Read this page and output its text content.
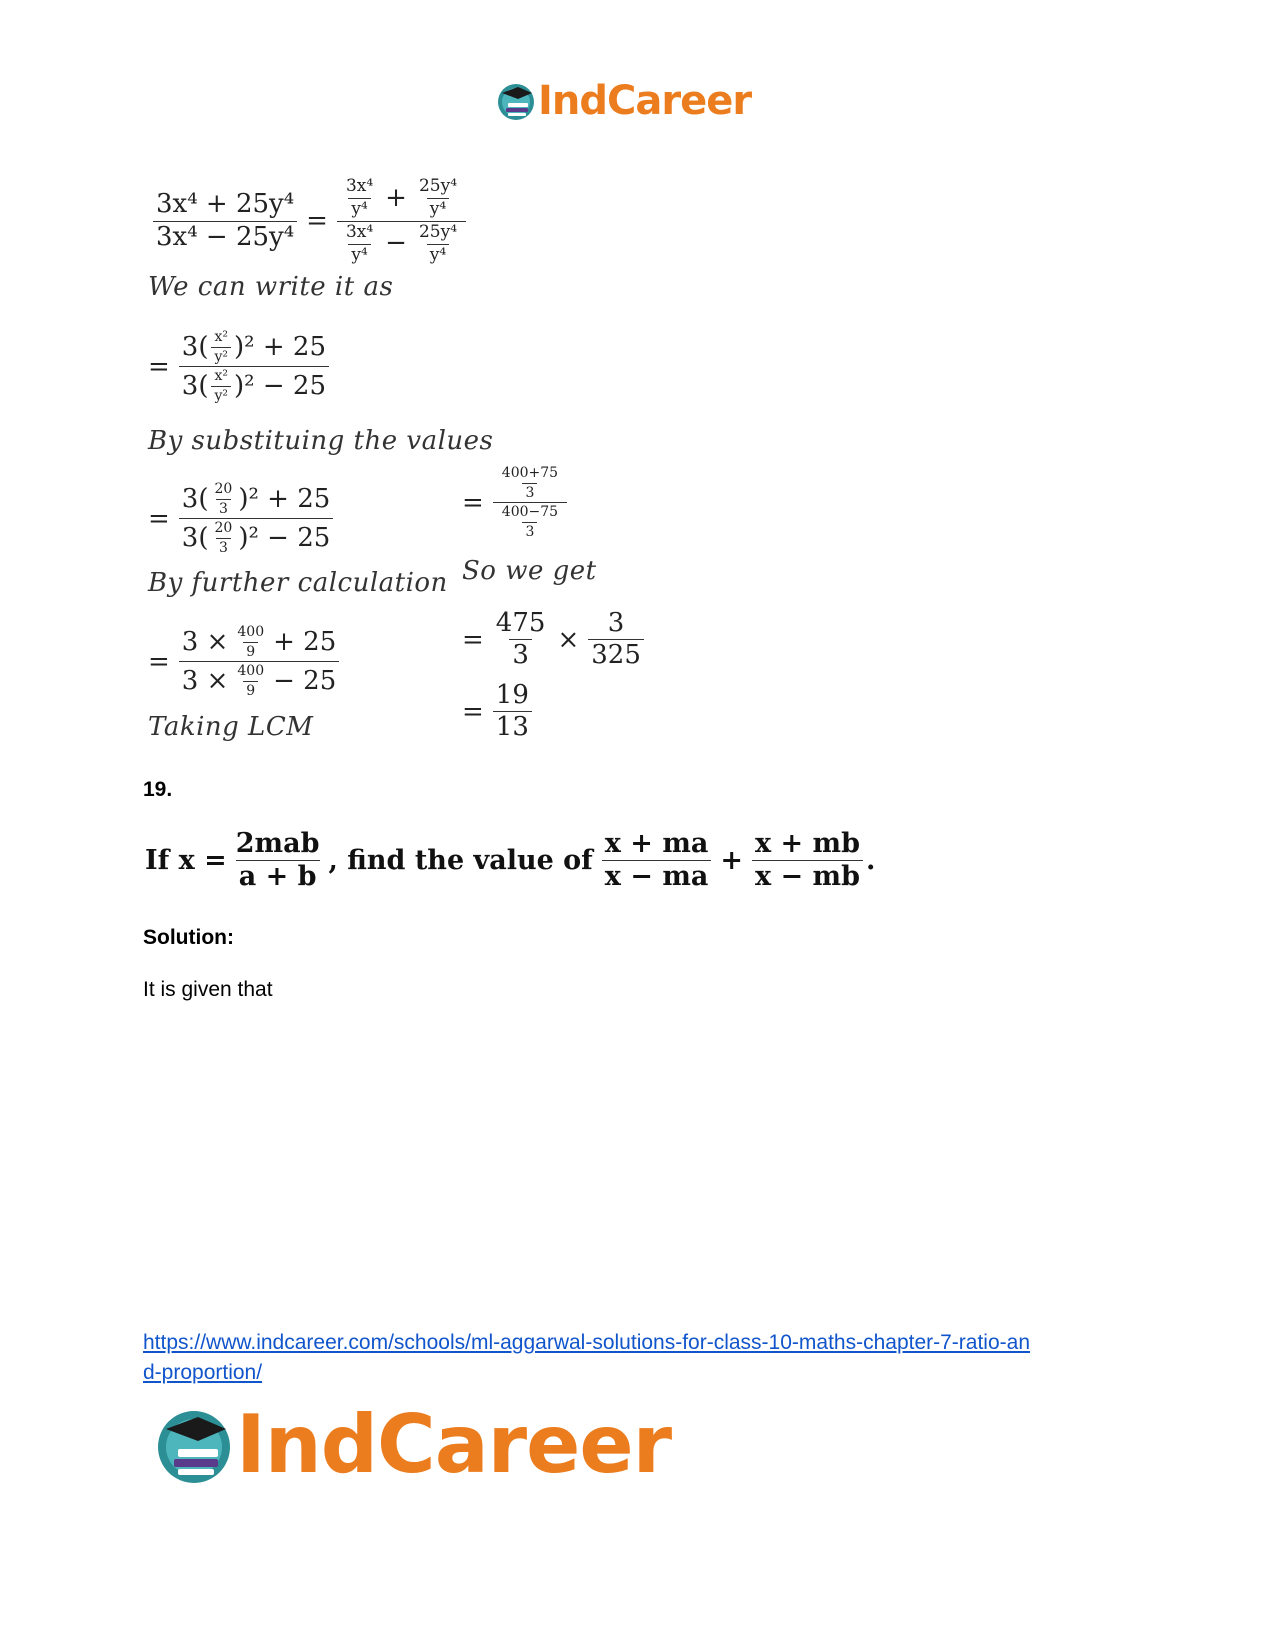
IndCareer
$\frac{\text{3x⁴ + 25y⁴}}{\text{3x⁴ − 25y⁴}} = \frac{\frac{\text{3x⁴}}{\text{y⁴}} + \frac{\text{25y⁴}}{\text{y⁴}}}{\frac{\text{3x⁴}}{\text{y⁴}} - \frac{\text{25y⁴}}{\text{y⁴}}}$
We can write it as
= $\frac{3( \frac{\text{x²}}{\text{y²}} )^2 + 25}{3( \frac{\text{x²}}{\text{y²}} )^2 - 25}$
By substituing the values
= $\frac{3( \frac{20}{3} )^2 + 25}{3( \frac{20}{3} )^2 - 25}$
By further calculation
= $\frac{3 \times \frac{400}{9} + 25}{3 \times \frac{400}{9} - 25}$
Taking LCM
= $\frac{\frac{400+75}{3}}{\frac{400-75}{3}}$
So we get
= $\frac{475}{3} \times \frac{3}{325}$
= $\frac{19}{13}$
19.
If $x = \frac{\text{2mab}}{a + b}$ , find the value of $\frac{x + ma}{x - ma} + \frac{x + mb}{x - mb}$ .
Solution:
It is given that
https://www.indcareer.com/schools/ml-aggarwal-solutions-for-class-10-maths-chapter-7-ratio-an
d-proportion/
IndCareer
